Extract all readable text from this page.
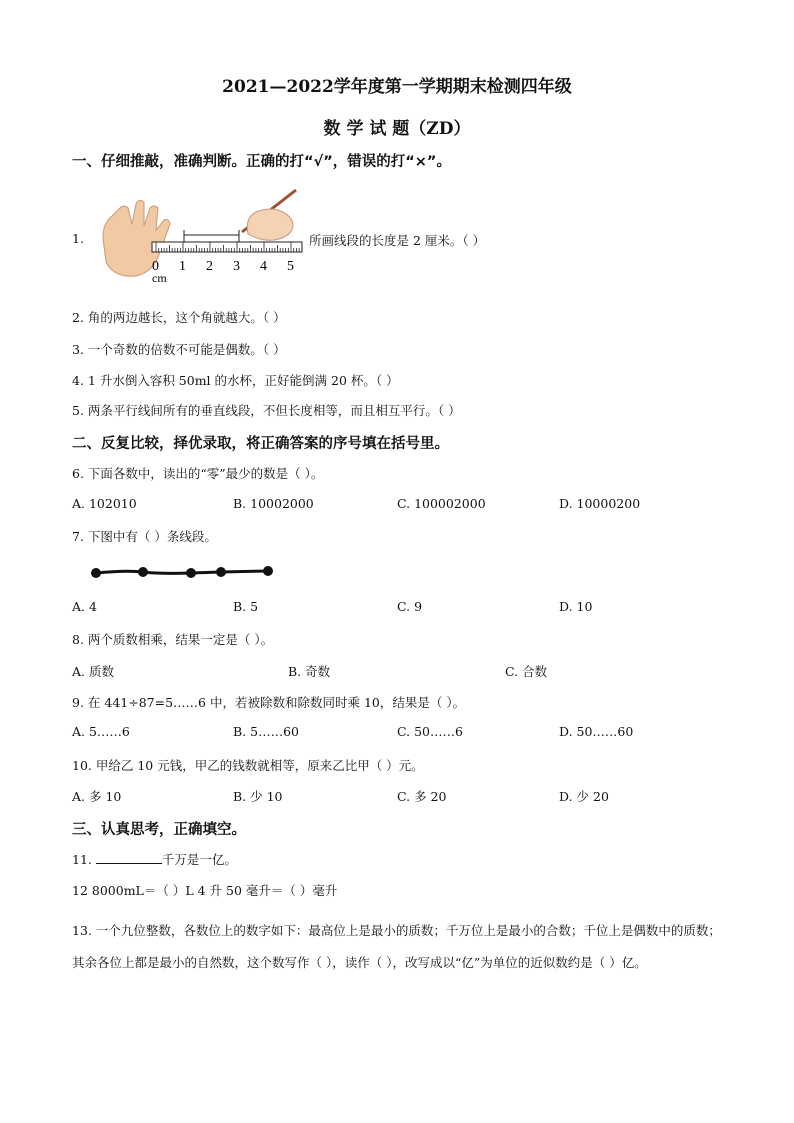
2021—2022学年度第一学期期末检测四年级
数 学 试 题（ZD）
一、仔细推敲，准确判断。正确的打“√”，错误的打“×”。
1.
0 1 2 3 4 5
cm
所画线段的长度是 2 厘米。（ ）
2. 角的两边越长，这个角就越大。（ ）
3. 一个奇数的倍数不可能是偶数。（ ）
4. 1 升水倒入容积 50ml 的水杯，正好能倒满 20 杯。（ ）
5. 两条平行线间所有的垂直线段，不但长度相等，而且相互平行。（ ）
二、反复比较，择优录取，将正确答案的序号填在括号里。
6. 下面各数中，读出的“零”最少的数是（ ）。
A. 102010	B. 10002000	C. 100002000	D. 10000200
7. 下图中有（ ）条线段。
A. 4	B. 5	C. 9	D. 10
8. 两个质数相乘，结果一定是（ ）。
A. 质数	B. 奇数	C. 合数
9. 在 441÷87=5……6 中，若被除数和除数同时乘 10，结果是（ ）。
A. 5……6	B. 5……60	C. 50……6	D. 50……60
10. 甲给乙 10 元钱，甲乙的钱数就相等，原来乙比甲（ ）元。
A. 多 10	B. 少 10	C. 多 20	D. 少 20
三、认真思考，正确填空。
11.	千万是一亿。
12 8000mL＝（ ）L 4 升 50 毫升＝（ ）毫升
13. 一个九位整数，各数位上的数字如下：最高位上是最小的质数；千万位上是最小的合数；千位上是偶数中的质数；其余各位上都是最小的自然数，这个数写作（ ），读作（ ），改写成以“亿”为单位的近似数约是（ ）亿。
